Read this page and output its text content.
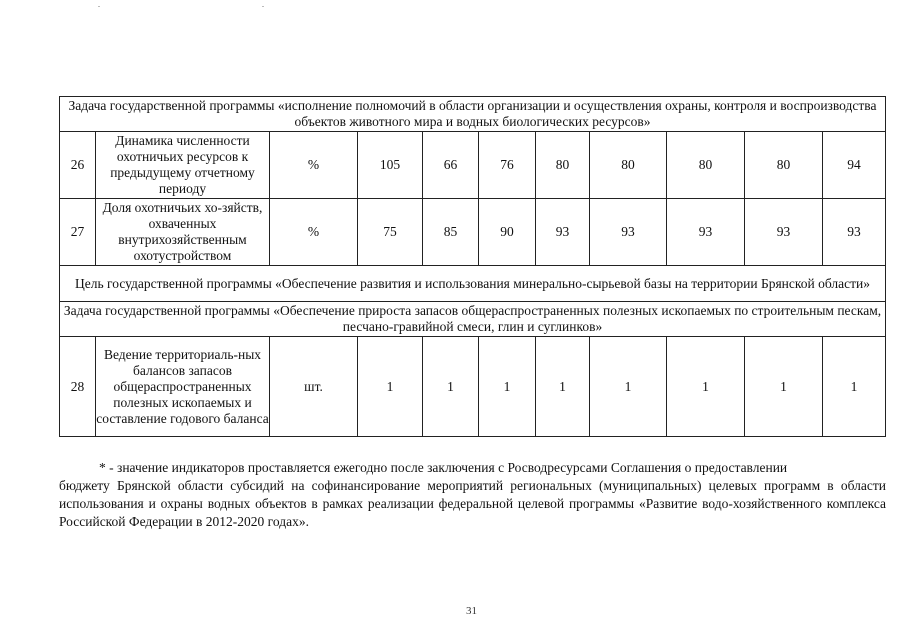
Задача государственной программы «исполнение полномочий в области организации и осуществления охраны, контроля и воспроизводства объектов животного мира и водных биологических ресурсов»										
26	Динамика численности охотничьих ресурсов к предыдущему отчетному периоду	%	105	66	76	80	80	80	80	94
27	Доля охотничьих хо-зяйств, охваченных внутрихозяйственным охотустройством	%	75	85	90	93	93	93	93	93
Цель государственной программы «Обеспечение развития и использования минерально-сырьевой базы на территории Брянской области»										
Задача государственной программы «Обеспечение прироста запасов общераспространенных полезных ископаемых по строительным пескам, песчано-гравийной смеси, глин и суглинков»										
28	Ведение территориаль-ных балансов запасов общераспространенных полезных ископаемых и составление годового баланса	шт.	1	1	1	1	1	1	1	1

* - значение индикаторов проставляется ежегодно после заключения с Росводресурсами Соглашения о предоставлении
бюджету Брянской области субсидий на софинансирование мероприятий региональных (муниципальных) целевых программ в области использования и охраны водных объектов в рамках реализации федеральной целевой программы «Развитие водо-хозяйственного комплекса Российской Федерации в 2012-2020 годах».

31
